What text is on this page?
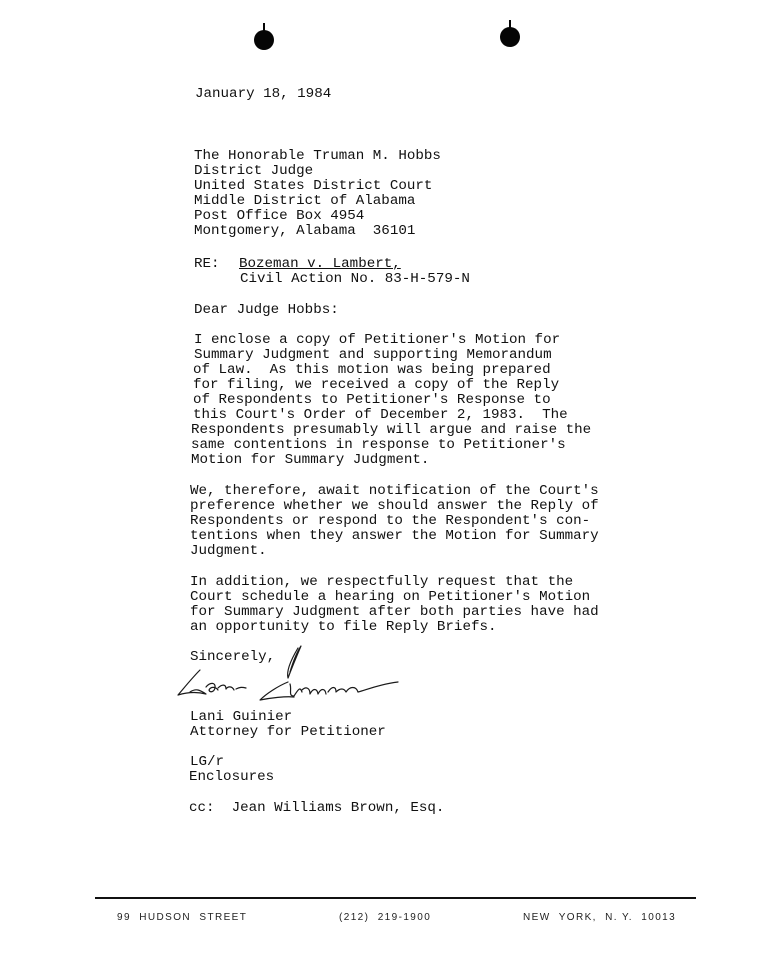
January 18, 1984
The Honorable Truman M. Hobbs
District Judge
United States District Court
Middle District of Alabama
Post Office Box 4954
Montgomery, Alabama  36101
RE: Bozeman v. Lambert,
Civil Action No. 83-H-579-N
Dear Judge Hobbs:
I enclose a copy of Petitioner's Motion for
Summary Judgment and supporting Memorandum
of Law.  As this motion was being prepared
for filing, we received a copy of the Reply
of Respondents to Petitioner's Response to
this Court's Order of December 2, 1983.  The
Respondents presumably will argue and raise the
same contentions in response to Petitioner's
Motion for Summary Judgment.
We, therefore, await notification of the Court's
preference whether we should answer the Reply of
Respondents or respond to the Respondent's con-
tentions when they answer the Motion for Summary
Judgment.
In addition, we respectfully request that the
Court schedule a hearing on Petitioner's Motion
for Summary Judgment after both parties have had
an opportunity to file Reply Briefs.
Sincerely,
Lani Guinier
Attorney for Petitioner
LG/r
Enclosures
cc:  Jean Williams Brown, Esq.
99  HUDSON  STREET	(212)  219-1900	NEW  YORK,  N. Y.  10013
